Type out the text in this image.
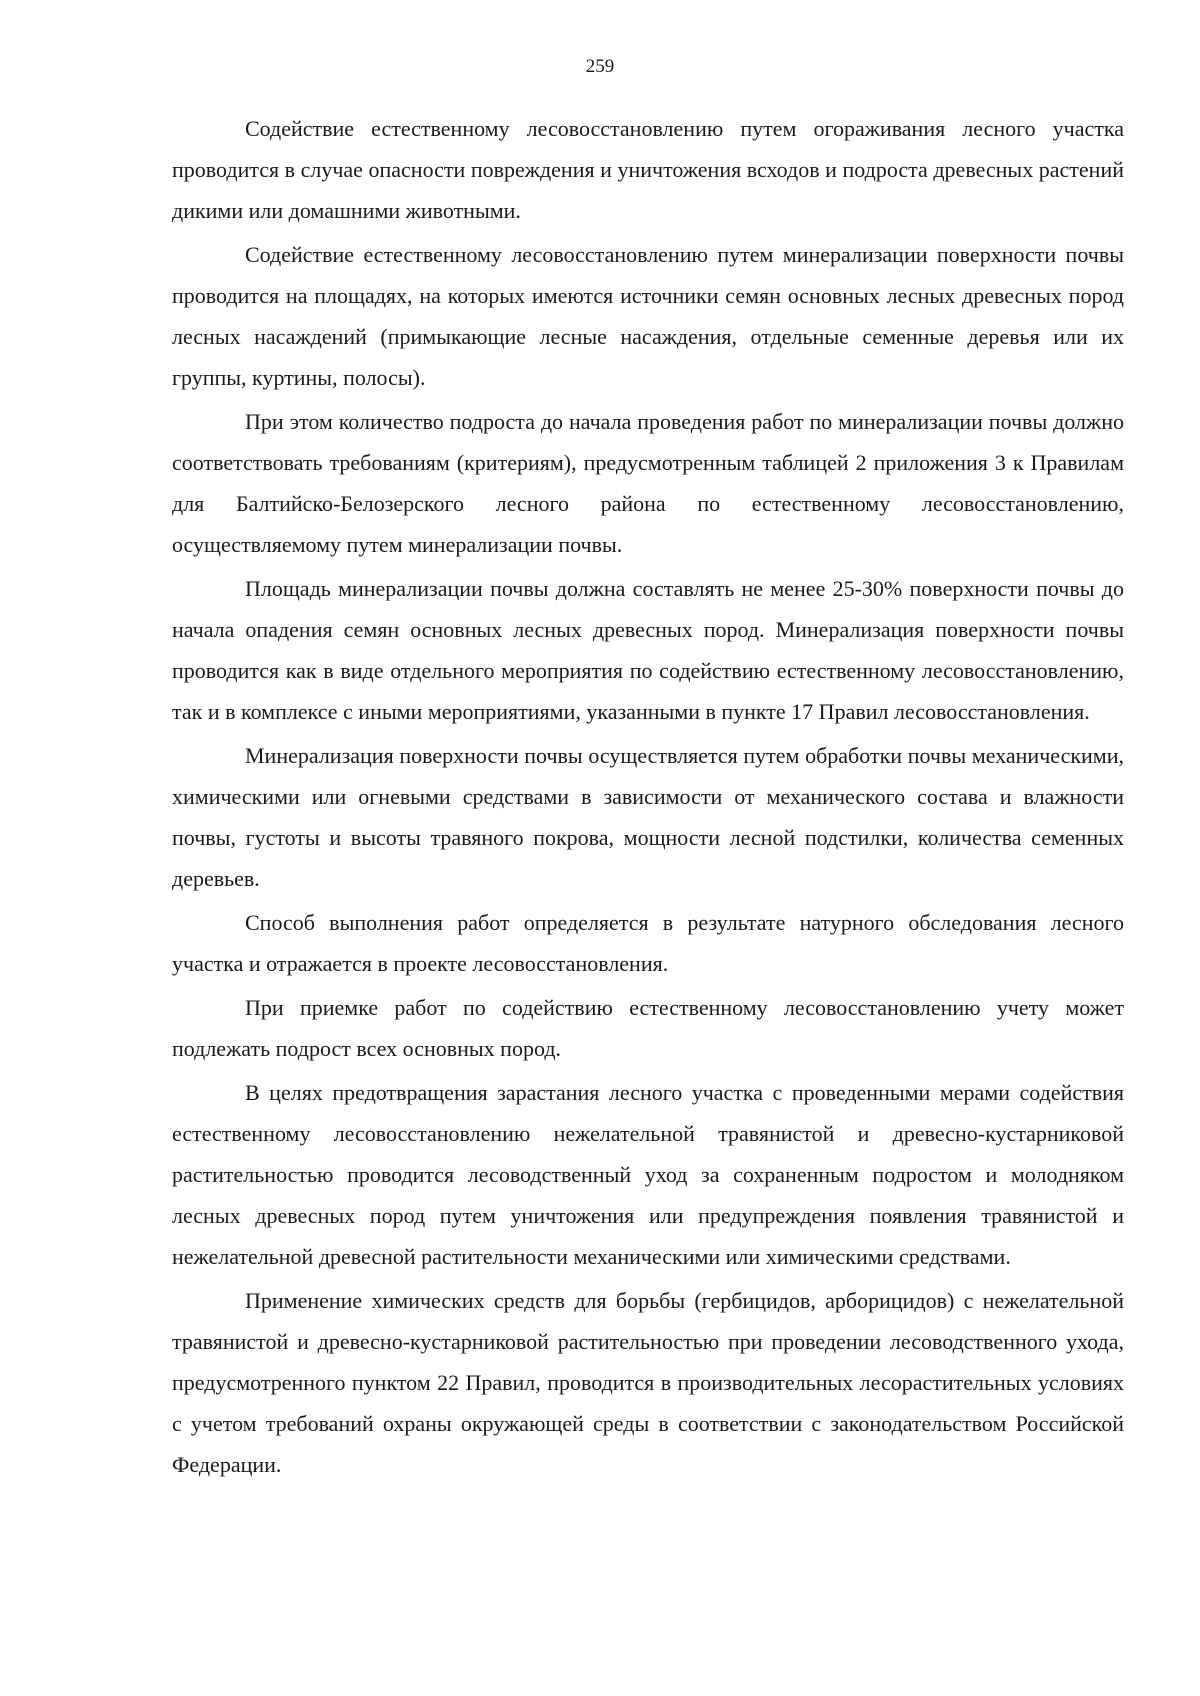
259

Содействие естественному лесовосстановлению путем огораживания лесного участка проводится в случае опасности повреждения и уничтожения всходов и подроста древесных растений дикими или домашними животными.

Содействие естественному лесовосстановлению путем минерализации поверхности почвы проводится на площадях, на которых имеются источники семян основных лесных древесных пород лесных насаждений (примыкающие лесные насаждения, отдельные семенные деревья или их группы, куртины, полосы).

При этом количество подроста до начала проведения работ по минерализации почвы должно соответствовать требованиям (критериям), предусмотренным таблицей 2 приложения 3 к Правилам для Балтийско-Белозерского лесного района по естественному лесовосстановлению, осуществляемому путем минерализации почвы.

Площадь минерализации почвы должна составлять не менее 25-30% поверхности почвы до начала опадения семян основных лесных древесных пород. Минерализация поверхности почвы проводится как в виде отдельного мероприятия по содействию естественному лесовосстановлению, так и в комплексе с иными мероприятиями, указанными в пункте 17 Правил лесовосстановления.

Минерализация поверхности почвы осуществляется путем обработки почвы механическими, химическими или огневыми средствами в зависимости от механического состава и влажности почвы, густоты и высоты травяного покрова, мощности лесной подстилки, количества семенных деревьев.

Способ выполнения работ определяется в результате натурного обследования лесного участка и отражается в проекте лесовосстановления.

При приемке работ по содействию естественному лесовосстановлению учету может подлежать подрост всех основных пород.

В целях предотвращения зарастания лесного участка с проведенными мерами содействия естественному лесовосстановлению нежелательной травянистой и древесно-кустарниковой растительностью проводится лесоводственный уход за сохраненным подростом и молодняком лесных древесных пород путем уничтожения или предупреждения появления травянистой и нежелательной древесной растительности механическими или химическими средствами.

Применение химических средств для борьбы (гербицидов, арборицидов) с нежелательной травянистой и древесно-кустарниковой растительностью при проведении лесоводственного ухода, предусмотренного пунктом 22 Правил, проводится в производительных лесорастительных условиях с учетом требований охраны окружающей среды в соответствии с законодательством Российской Федерации.
